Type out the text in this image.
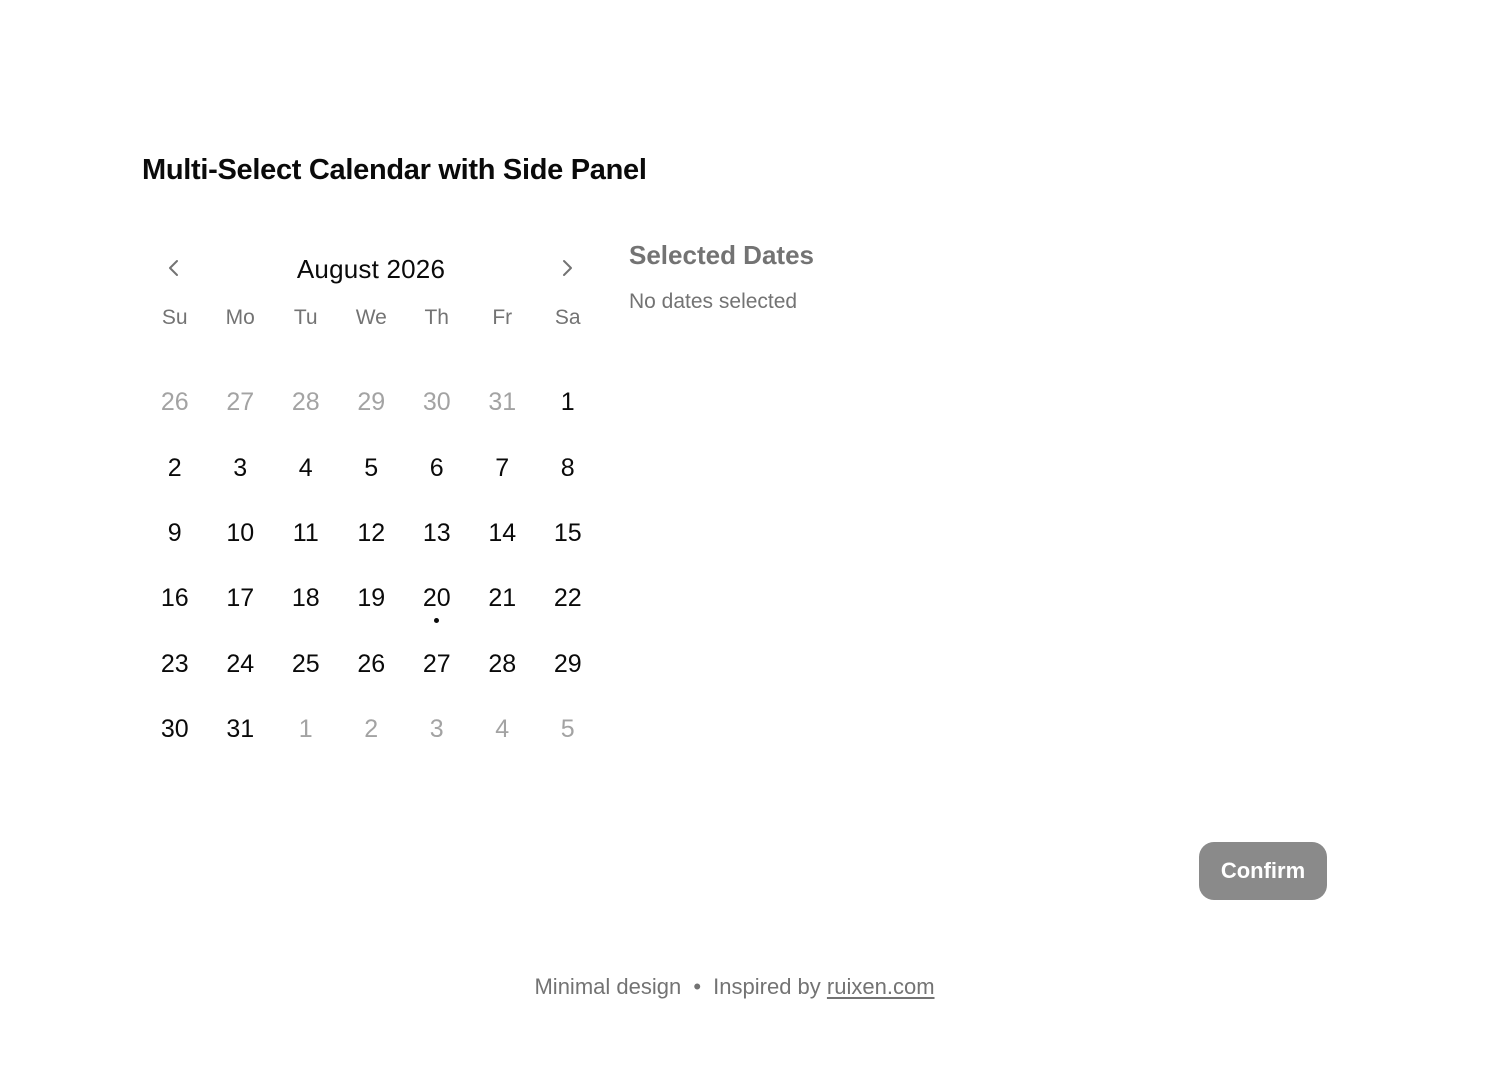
Multi-Select Calendar with Side Panel
August 2026
Su	Mo	Tu	We	Th	Fr	Sa
26 27 28 29 30 31 1
2 3 4 5 6 7 8
9 10 11 12 13 14 15
16 17 18 19 20 21 22
23 24 25 26 27 28 29
30 31 1 2 3 4 5
Selected Dates
No dates selected
Confirm
Minimal design • Inspired by ruixen.com
